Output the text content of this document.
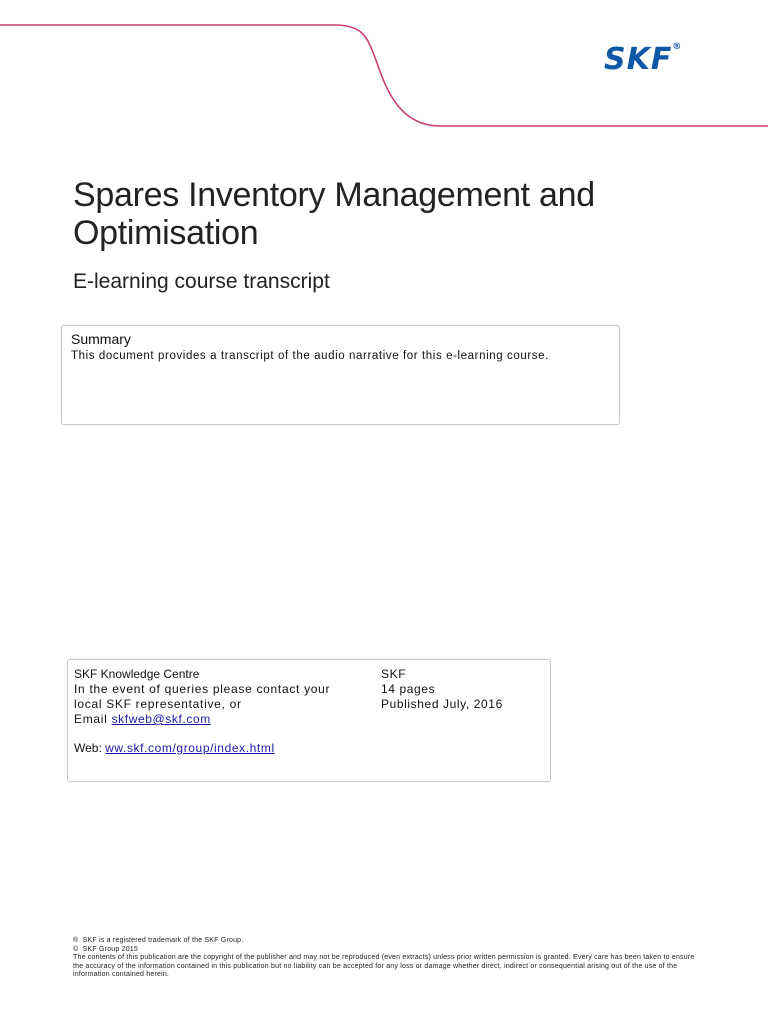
SKF®
Spares Inventory Management and Optimisation
E-learning course transcript
Summary
This document provides a transcript of the audio narrative for this e-learning course.
SKF Knowledge Centre
In the event of queries please contact your
local SKF representative, or
Email skfweb@skf.com
Web: ww.skf.com/group/index.html
SKF
14 pages
Published July, 2016
® SKF is a registered trademark of the SKF Group.
© SKF Group 2015
The contents of this publication are the copyright of the publisher and may not be reproduced (even extracts) unless prior written permission is granted. Every care has been taken to ensure the accuracy of the information contained in this publication but no liability can be accepted for any loss or damage whether direct, indirect or consequential arising out of the use of the information contained herein.
